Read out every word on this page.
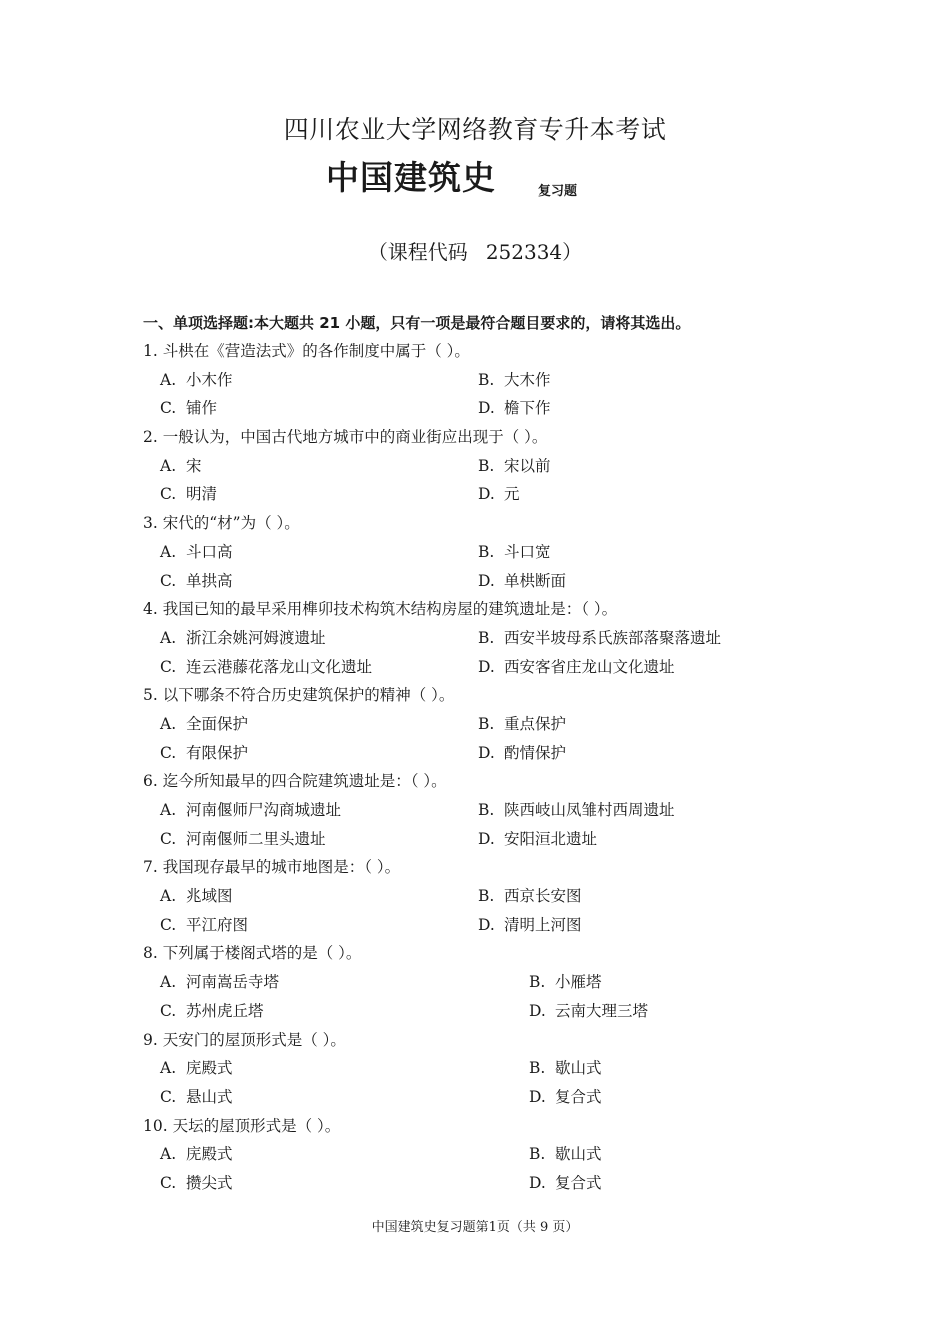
四川农业大学网络教育专升本考试
中国建筑史	复习题
（课程代码 252334）
一、单项选择题:本大题共 21 小题，只有一项是最符合题目要求的，请将其选出。
1. 斗栱在《营造法式》的各作制度中属于（ ）。
A. 小木作	B. 大木作
C. 铺作	D. 檐下作
2. 一般认为，中国古代地方城市中的商业街应出现于（ ）。
A. 宋	B. 宋以前
C. 明清	D. 元
3. 宋代的“材”为（ ）。
A. 斗口高	B. 斗口宽
C. 单拱高	D. 单栱断面
4. 我国已知的最早采用榫卯技术构筑木结构房屋的建筑遗址是：（ ）。
A. 浙江余姚河姆渡遗址	B. 西安半坡母系氏族部落聚落遗址
C. 连云港藤花落龙山文化遗址	D. 西安客省庄龙山文化遗址
5. 以下哪条不符合历史建筑保护的精神（ ）。
A. 全面保护	B. 重点保护
C. 有限保护	D. 酌情保护
6. 迄今所知最早的四合院建筑遗址是：（ ）。
A. 河南偃师尸沟商城遗址	B. 陕西岐山凤雏村西周遗址
C. 河南偃师二里头遗址	D. 安阳洹北遗址
7. 我国现存最早的城市地图是：（ ）。
A. 兆域图	B. 西京长安图
C. 平江府图	D. 清明上河图
8. 下列属于楼阁式塔的是（ ）。
A. 河南嵩岳寺塔	B. 小雁塔
C. 苏州虎丘塔	D. 云南大理三塔
9. 天安门的屋顶形式是（ ）。
A. 庑殿式	B. 歇山式
C. 悬山式	D. 复合式
10. 天坛的屋顶形式是（ ）。
A. 庑殿式	B. 歇山式
C. 攒尖式	D. 复合式
中国建筑史复习题第1页（共 9 页）
